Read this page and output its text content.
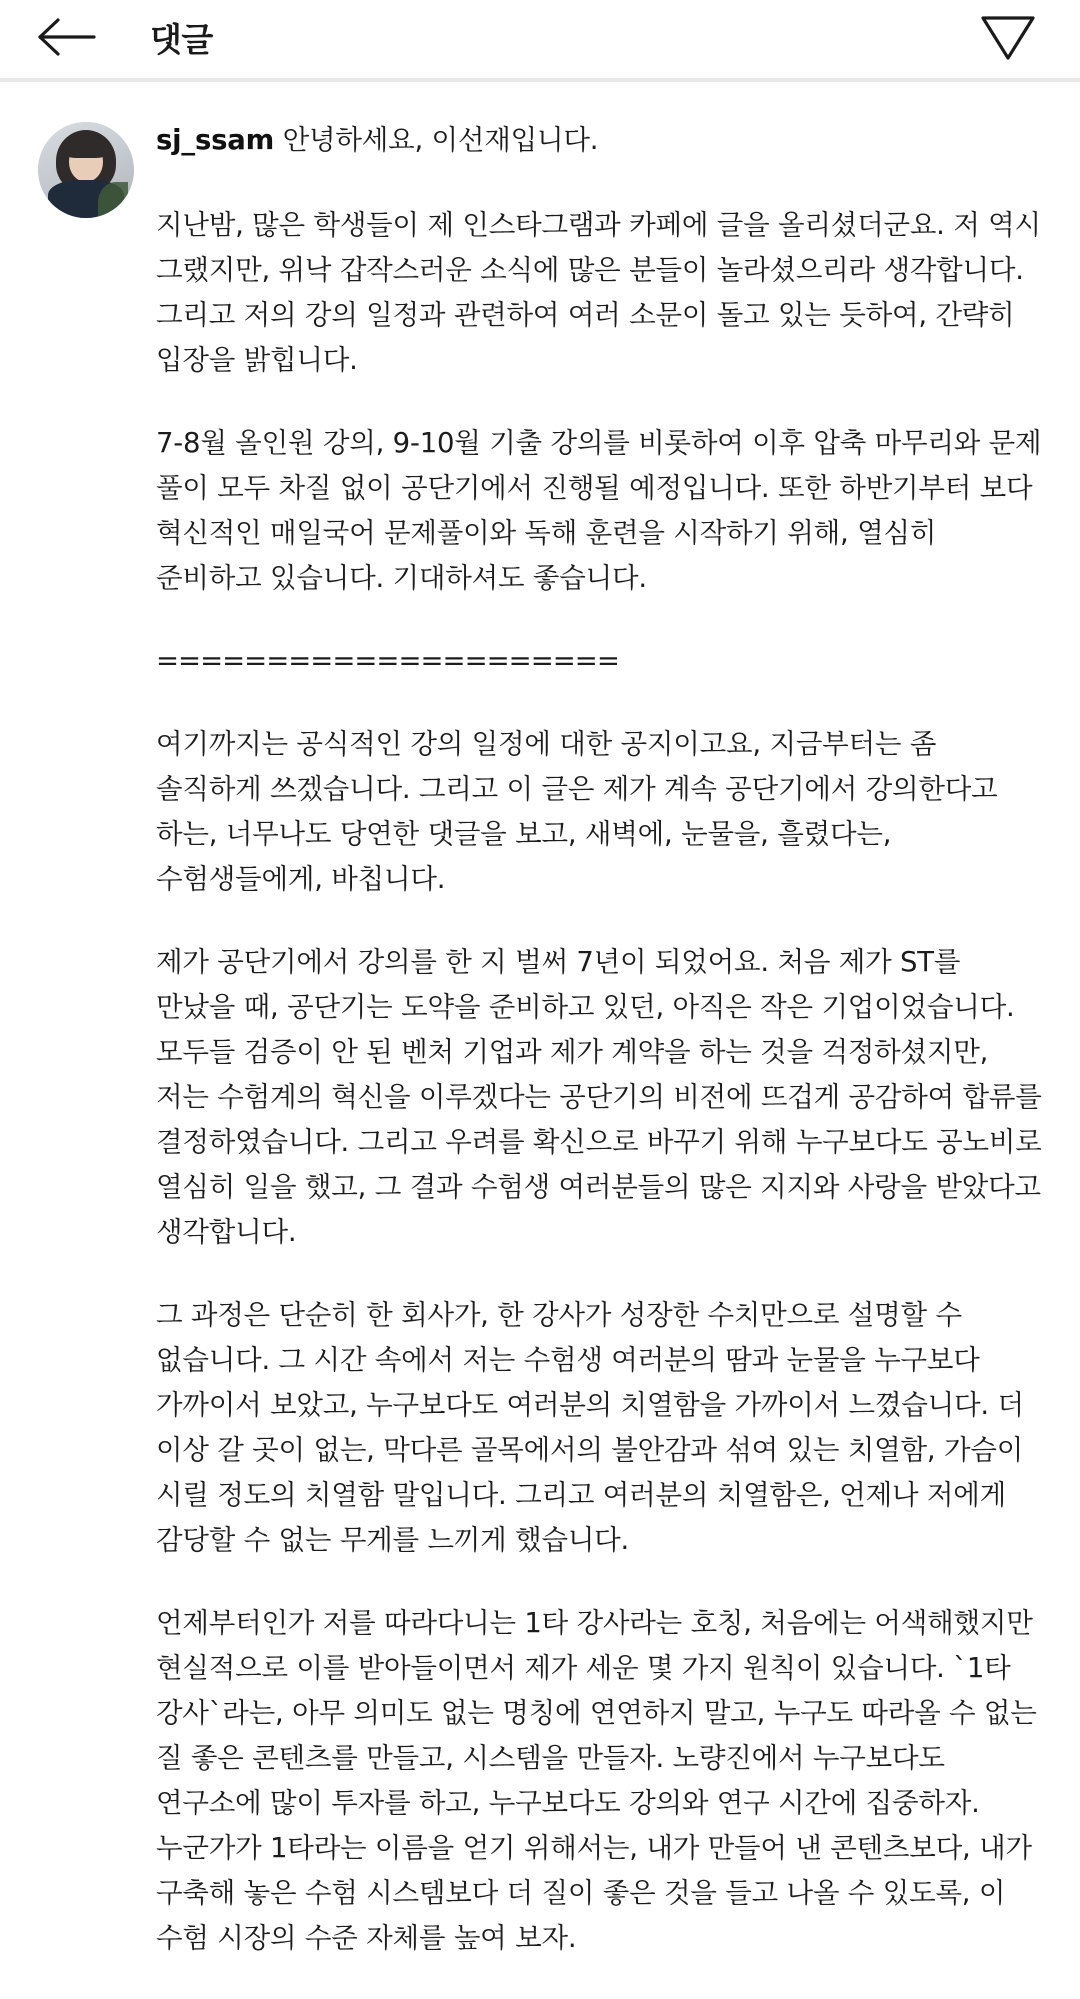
댓글

sj_ssam 안녕하세요, 이선재입니다.

지난밤, 많은 학생들이 제 인스타그램과 카페에 글을 올리셨더군요. 저 역시 그랬지만, 위낙 갑작스러운 소식에 많은 분들이 놀라셨으리라 생각합니다. 그리고 저의 강의 일정과 관련하여 여러 소문이 돌고 있는 듯하여, 간략히 입장을 밝힙니다.

7-8월 올인원 강의, 9-10월 기출 강의를 비롯하여 이후 압축 마무리와 문제 풀이 모두 차질 없이 공단기에서 진행될 예정입니다. 또한 하반기부터 보다 혁신적인 매일국어 문제풀이와 독해 훈련을 시작하기 위해, 열심히 준비하고 있습니다. 기대하셔도 좋습니다.

=====================

여기까지는 공식적인 강의 일정에 대한 공지이고요, 지금부터는 좀 솔직하게 쓰겠습니다. 그리고 이 글은 제가 계속 공단기에서 강의한다고 하는, 너무나도 당연한 댓글을 보고, 새벽에, 눈물을, 흘렸다는, 수험생들에게, 바칩니다.

제가 공단기에서 강의를 한 지 벌써 7년이 되었어요. 처음 제가 ST를 만났을 때, 공단기는 도약을 준비하고 있던, 아직은 작은 기업이었습니다. 모두들 검증이 안 된 벤처 기업과 제가 계약을 하는 것을 걱정하셨지만, 저는 수험계의 혁신을 이루겠다는 공단기의 비전에 뜨겁게 공감하여 합류를 결정하였습니다. 그리고 우려를 확신으로 바꾸기 위해 누구보다도 공노비로 열심히 일을 했고, 그 결과 수험생 여러분들의 많은 지지와 사랑을 받았다고 생각합니다.

그 과정은 단순히 한 회사가, 한 강사가 성장한 수치만으로 설명할 수 없습니다. 그 시간 속에서 저는 수험생 여러분의 땀과 눈물을 누구보다 가까이서 보았고, 누구보다도 여러분의 치열함을 가까이서 느꼈습니다. 더 이상 갈 곳이 없는, 막다른 골목에서의 불안감과 섞여 있는 치열함, 가슴이 시릴 정도의 치열함 말입니다. 그리고 여러분의 치열함은, 언제나 저에게 감당할 수 없는 무게를 느끼게 했습니다.

언제부터인가 저를 따라다니는 1타 강사라는 호칭, 처음에는 어색해했지만 현실적으로 이를 받아들이면서 제가 세운 몇 가지 원칙이 있습니다. `1타 강사`라는, 아무 의미도 없는 명칭에 연연하지 말고, 누구도 따라올 수 없는 질 좋은 콘텐츠를 만들고, 시스템을 만들자. 노량진에서 누구보다도 연구소에 많이 투자를 하고, 누구보다도 강의와 연구 시간에 집중하자. 누군가가 1타라는 이름을 얻기 위해서는, 내가 만들어 낸 콘텐츠보다, 내가 구축해 놓은 수험 시스템보다 더 질이 좋은 것을 들고 나올 수 있도록, 이 수험 시장의 수준 자체를 높여 보자.
